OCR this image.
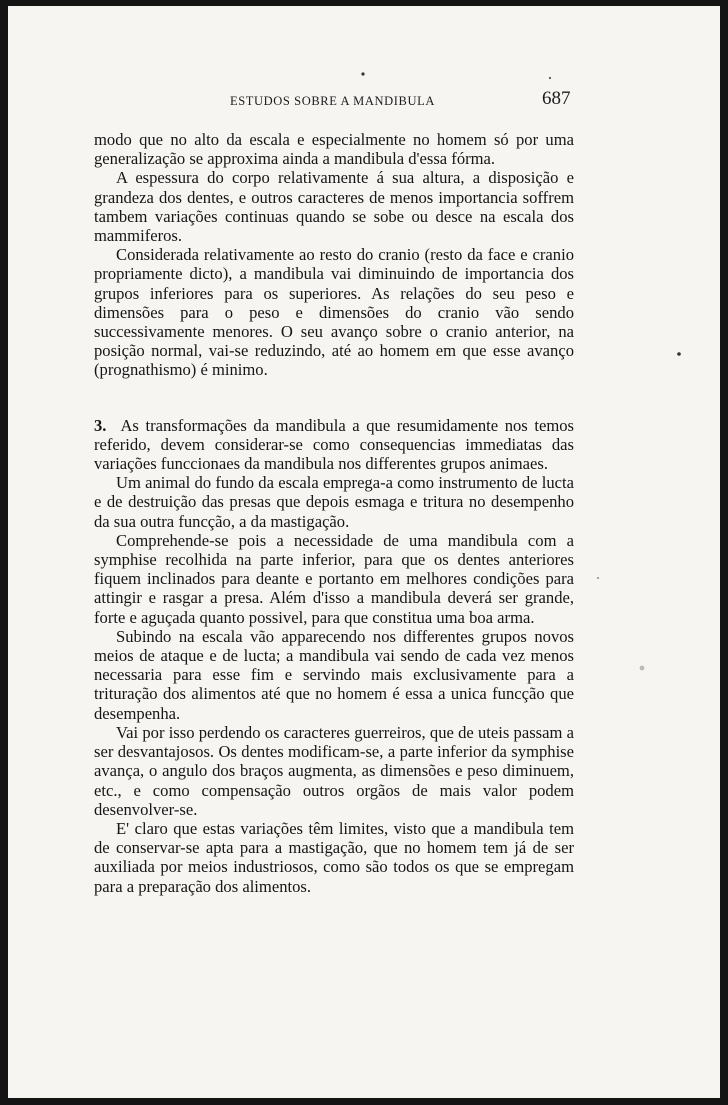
ESTUDOS SOBRE A MANDIBULA	687

modo que no alto da escala e especialmente no homem só por uma generalização se approxima ainda a mandibula d'essa fórma.

A espessura do corpo relativamente á sua altura, a disposição e grandeza dos dentes, e outros caracteres de menos importancia soffrem tambem variações continuas quando se sobe ou desce na escala dos mammiferos.

Considerada relativamente ao resto do cranio (resto da face e cranio propriamente dicto), a mandibula vai diminuindo de importancia dos grupos inferiores para os superiores. As relações do seu peso e dimensões para o peso e dimensões do cranio vão sendo successivamente menores. O seu avanço sobre o cranio anterior, na posição normal, vai-se reduzindo, até ao homem em que esse avanço (prognathismo) é minimo.

3. As transformações da mandibula a que resumidamente nos temos referido, devem considerar-se como consequencias immediatas das variações funccionaes da mandibula nos differentes grupos animaes.

Um animal do fundo da escala emprega-a como instrumento de lucta e de destruição das presas que depois esmaga e tritura no desempenho da sua outra funcção, a da mastigação.

Comprehende-se pois a necessidade de uma mandibula com a symphise recolhida na parte inferior, para que os dentes anteriores fiquem inclinados para deante e portanto em melhores condições para attingir e rasgar a presa. Além d'isso a mandibula deverá ser grande, forte e aguçada quanto possivel, para que constitua uma boa arma.

Subindo na escala vão apparecendo nos differentes grupos novos meios de ataque e de lucta; a mandibula vai sendo de cada vez menos necessaria para esse fim e servindo mais exclusivamente para a trituração dos alimentos até que no homem é essa a unica funcção que desempenha.

Vai por isso perdendo os caracteres guerreiros, que de uteis passam a ser desvantajosos. Os dentes modificam-se, a parte inferior da symphise avança, o angulo dos braços augmenta, as dimensões e peso diminuem, etc., e como compensação outros orgãos de mais valor podem desenvolver-se.

E' claro que estas variações têm limites, visto que a mandibula tem de conservar-se apta para a mastigação, que no homem tem já de ser auxiliada por meios industriosos, como são todos os que se empregam para a preparação dos alimentos.
